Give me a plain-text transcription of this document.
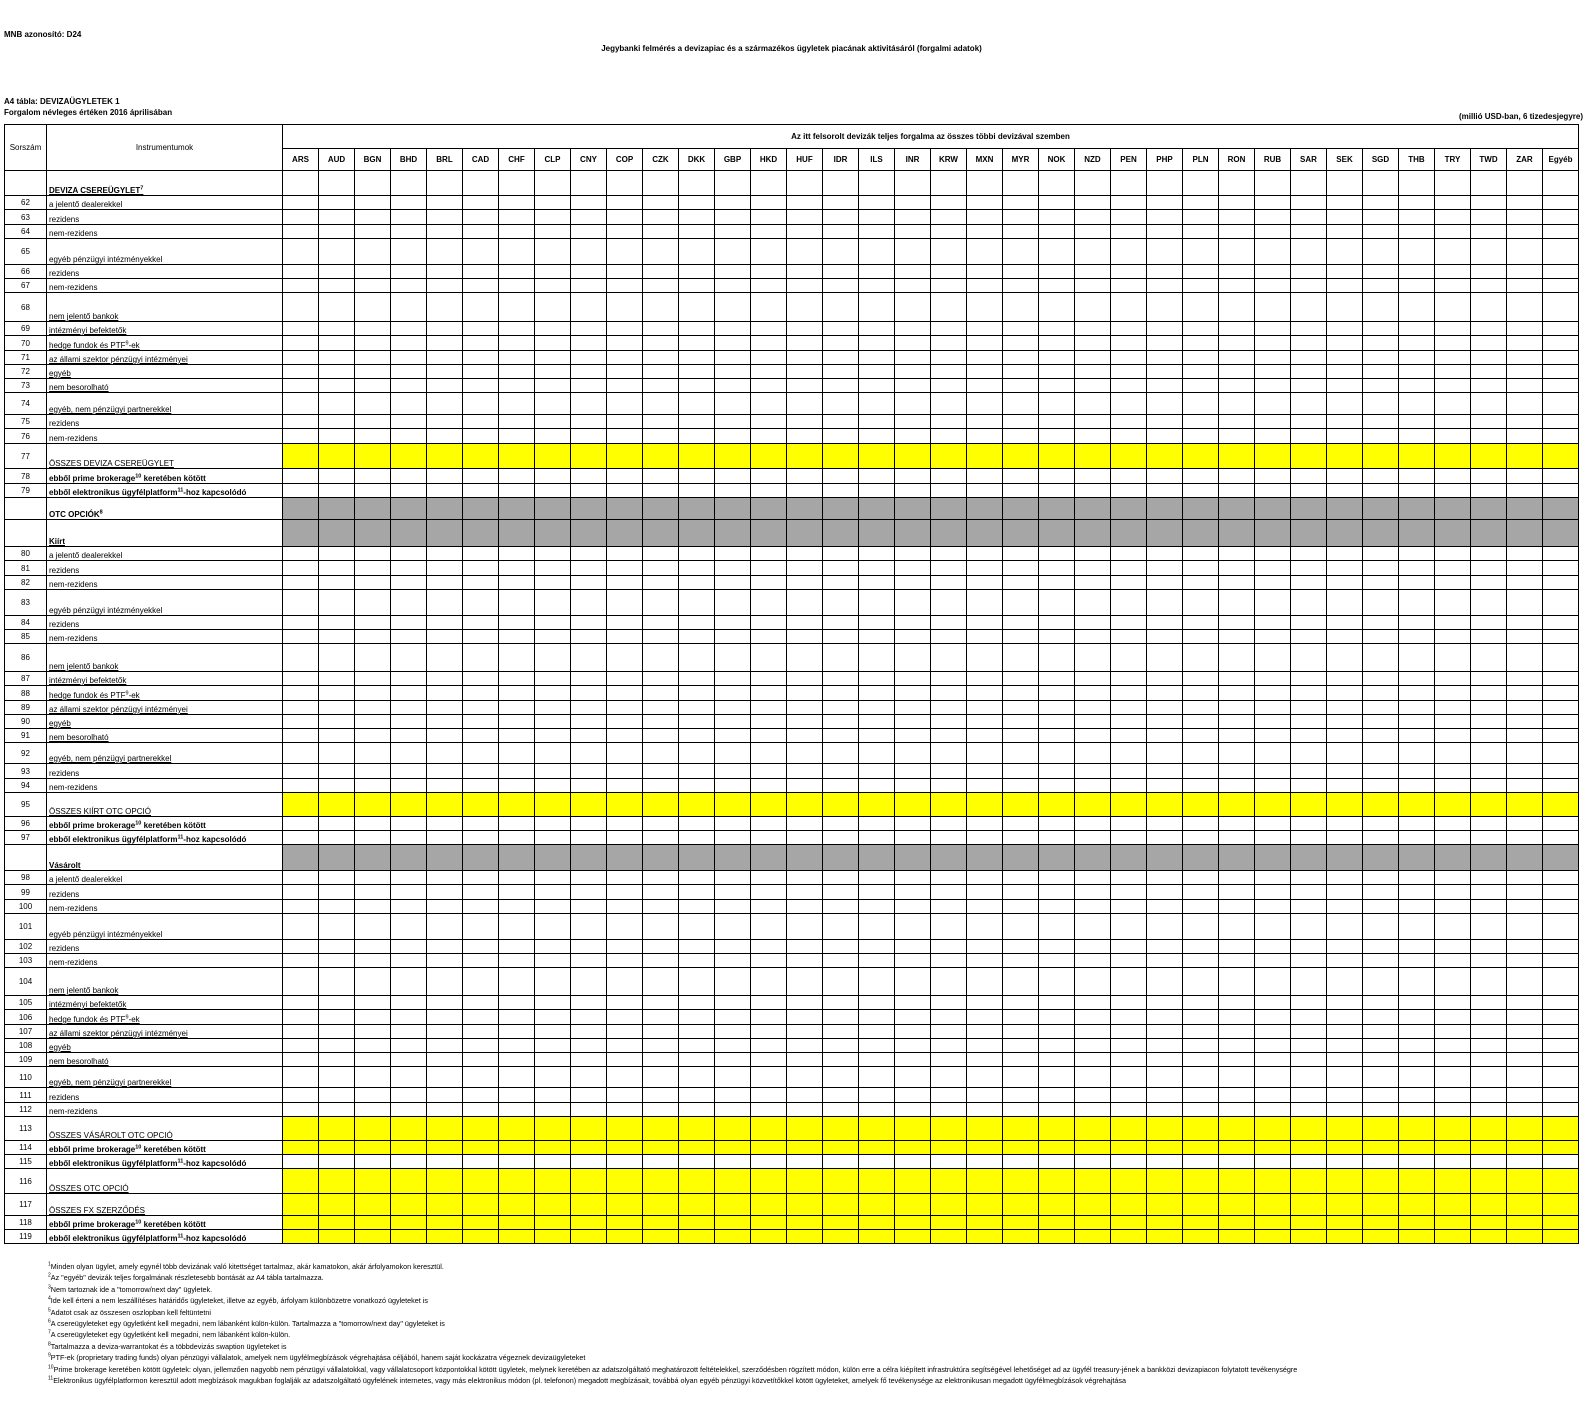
MNB azonosító: D24
Jegybanki felmérés a devizapiac és a származékos ügyletek piacának aktivitásáról (forgalmi adatok)
A4 tábla: DEVIZAÜGYLETEK 1
Forgalom névleges értéken 2016 áprilisában	(millió USD-ban, 6 tizedesjegyre)
Sorszám	Instrumentumok	Az itt felsorolt devizák teljes forgalma az összes többi devizával szemben																																			
		ARS	AUD	BGN	BHD	BRL	CAD	CHF	CLP	CNY	COP	CZK	DKK	GBP	HKD	HUF	IDR	ILS	INR	KRW	MXN	MYR	NOK	NZD	PEN	PHP	PLN	RON	RUB	SAR	SEK	SGD	THB	TRY	TWD	ZAR	Egyéb
	DEVIZA CSEREÜGYLET$^7$																																				
62	a jelentő dealerekkel																																				
63	rezidens																																				
64	nem-rezidens																																				
65	egyéb pénzügyi intézményekkel																																				
66	rezidens																																				
67	nem-rezidens																																				
68	nem jelentő bankok																																				
69	intézményi befektetők																																				
70	hedge fundok és PTF$^9$-ek																																				
71	az állami szektor pénzügyi intézményei																																				
72	egyéb																																				
73	nem besorolható																																				
74	egyéb, nem pénzügyi partnerekkel																																				
75	rezidens																																				
76	nem-rezidens																																				
77	ÖSSZES DEVIZA CSEREÜGYLET																																				
78	ebből prime brokerage$^{10}$ keretében kötött																																				
79	ebből elektronikus ügyfélplatform$^{11}$-hoz kapcsolódó																																				
	OTC OPCIÓK$^8$																																				
	Kiírt																																				
80	a jelentő dealerekkel																																				
81	rezidens																																				
82	nem-rezidens																																				
83	egyéb pénzügyi intézményekkel																																				
84	rezidens																																				
85	nem-rezidens																																				
86	nem jelentő bankok																																				
87	intézményi befektetők																																				
88	hedge fundok és PTF$^9$-ek																																				
89	az állami szektor pénzügyi intézményei																																				
90	egyéb																																				
91	nem besorolható																																				
92	egyéb, nem pénzügyi partnerekkel																																				
93	rezidens																																				
94	nem-rezidens																																				
95	ÖSSZES KIÍRT OTC OPCIÓ																																				
96	ebből prime brokerage$^{10}$ keretében kötött																																				
97	ebből elektronikus ügyfélplatform$^{11}$-hoz kapcsolódó																																				
	Vásárolt																																				
98	a jelentő dealerekkel																																				
99	rezidens																																				
100	nem-rezidens																																				
101	egyéb pénzügyi intézményekkel																																				
102	rezidens																																				
103	nem-rezidens																																				
104	nem jelentő bankok																																				
105	intézményi befektetők																																				
106	hedge fundok és PTF$^9$-ek																																				
107	az állami szektor pénzügyi intézményei																																				
108	egyéb																																				
109	nem besorolható																																				
110	egyéb, nem pénzügyi partnerekkel																																				
111	rezidens																																				
112	nem-rezidens																																				
113	ÖSSZES VÁSÁROLT OTC OPCIÓ																																				
114	ebből prime brokerage$^{10}$ keretében kötött																																				
115	ebből elektronikus ügyfélplatform$^{11}$-hoz kapcsolódó																																				
116	ÖSSZES OTC OPCIÓ																																				
117	ÖSSZES FX SZERZŐDÉS																																				
118	ebből prime brokerage$^{10}$ keretében kötött																																				
119	ebből elektronikus ügyfélplatform$^{11}$-hoz kapcsolódó																																				
$^1$Minden olyan ügylet, amely egynél több devizának való kitettséget tartalmaz, akár kamatokon, akár árfolyamokon keresztül.
$^2$Az "egyéb" devizák teljes forgalmának részletesebb bontását az A4 tábla tartalmazza.
$^3$Nem tartoznak ide a "tomorrow/next day" ügyletek.
$^4$Ide kell érteni a nem leszállítéses határidős ügyleteket, illetve az egyéb, árfolyam különbözetre vonatkozó ügyleteket is
$^5$Adatot csak az összesen oszlopban kell feltüntetni
$^6$A csereügyleteket egy ügyletként kell megadni, nem lábanként külön-külön. Tartalmazza a "tomorrow/next day" ügyleteket is
$^7$A csereügyleteket egy ügyletként kell megadni, nem lábanként külön-külön.
$^8$Tartalmazza a deviza-warrantokat és a többdevizás swaption ügyleteket is
$^9$PTF-ek (proprietary trading funds) olyan pénzügyi vállalatok, amelyek nem ügyfélmegbízások végrehajtása céljából, hanem saját kockázatra végeznek devizaügyleteket
$^{10}$Prime brokerage keretében kötött ügyletek: olyan, jellemzően nagyobb nem pénzügyi vállalatokkal, vagy vállalatcsoport központokkal kötött ügyletek, melynek keretében az adatszolgáltató meghatározott feltételekkel, szerződésben rögzített módon, külön erre a célra kiépített infrastruktúra segítségével lehetőséget ad az ügyfél treasury-jének a bankközi devizapiacon folytatott tevékenységre
$^{11}$Elektronikus ügyfélplatformon keresztül adott megbízások magukban foglalják az adatszolgáltató ügyfelének internetes, vagy más elektronikus módon (pl. telefonon) megadott megbízásait, továbbá olyan egyéb pénzügyi közvetítőkkel kötött ügyleteket, amelyek fő tevékenysége az elektronikusan megadott ügyfélmegbízások végrehajtása
